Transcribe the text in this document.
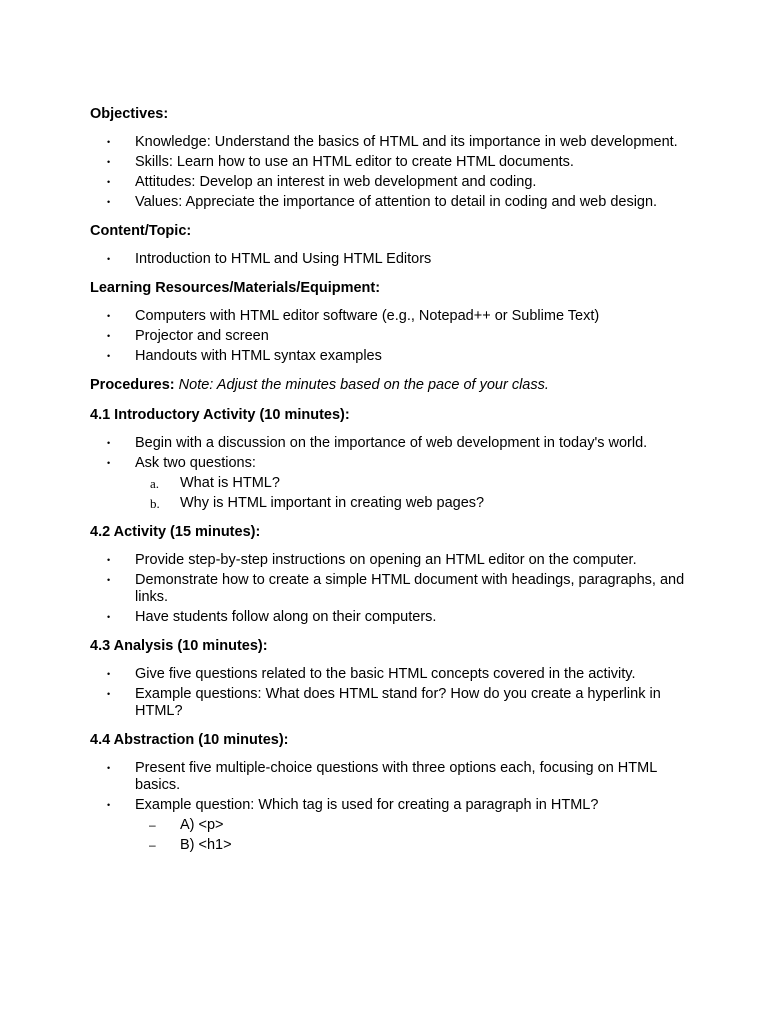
Objectives:

• Knowledge: Understand the basics of HTML and its importance in web development.
• Skills: Learn how to use an HTML editor to create HTML documents.
• Attitudes: Develop an interest in web development and coding.
• Values: Appreciate the importance of attention to detail in coding and web design.

Content/Topic:

• Introduction to HTML and Using HTML Editors

Learning Resources/Materials/Equipment:

• Computers with HTML editor software (e.g., Notepad++ or Sublime Text)
• Projector and screen
• Handouts with HTML syntax examples

Procedures: Note: Adjust the minutes based on the pace of your class.

4.1 Introductory Activity (10 minutes):

• Begin with a discussion on the importance of web development in today's world.
• Ask two questions:
a. What is HTML?
b. Why is HTML important in creating web pages?

4.2 Activity (15 minutes):

• Provide step-by-step instructions on opening an HTML editor on the computer.
• Demonstrate how to create a simple HTML document with headings, paragraphs, and links.
• Have students follow along on their computers.

4.3 Analysis (10 minutes):

• Give five questions related to the basic HTML concepts covered in the activity.
• Example questions: What does HTML stand for? How do you create a hyperlink in HTML?

4.4 Abstraction (10 minutes):

• Present five multiple-choice questions with three options each, focusing on HTML basics.
• Example question: Which tag is used for creating a paragraph in HTML?
– A) <p>
– B) <h1>
